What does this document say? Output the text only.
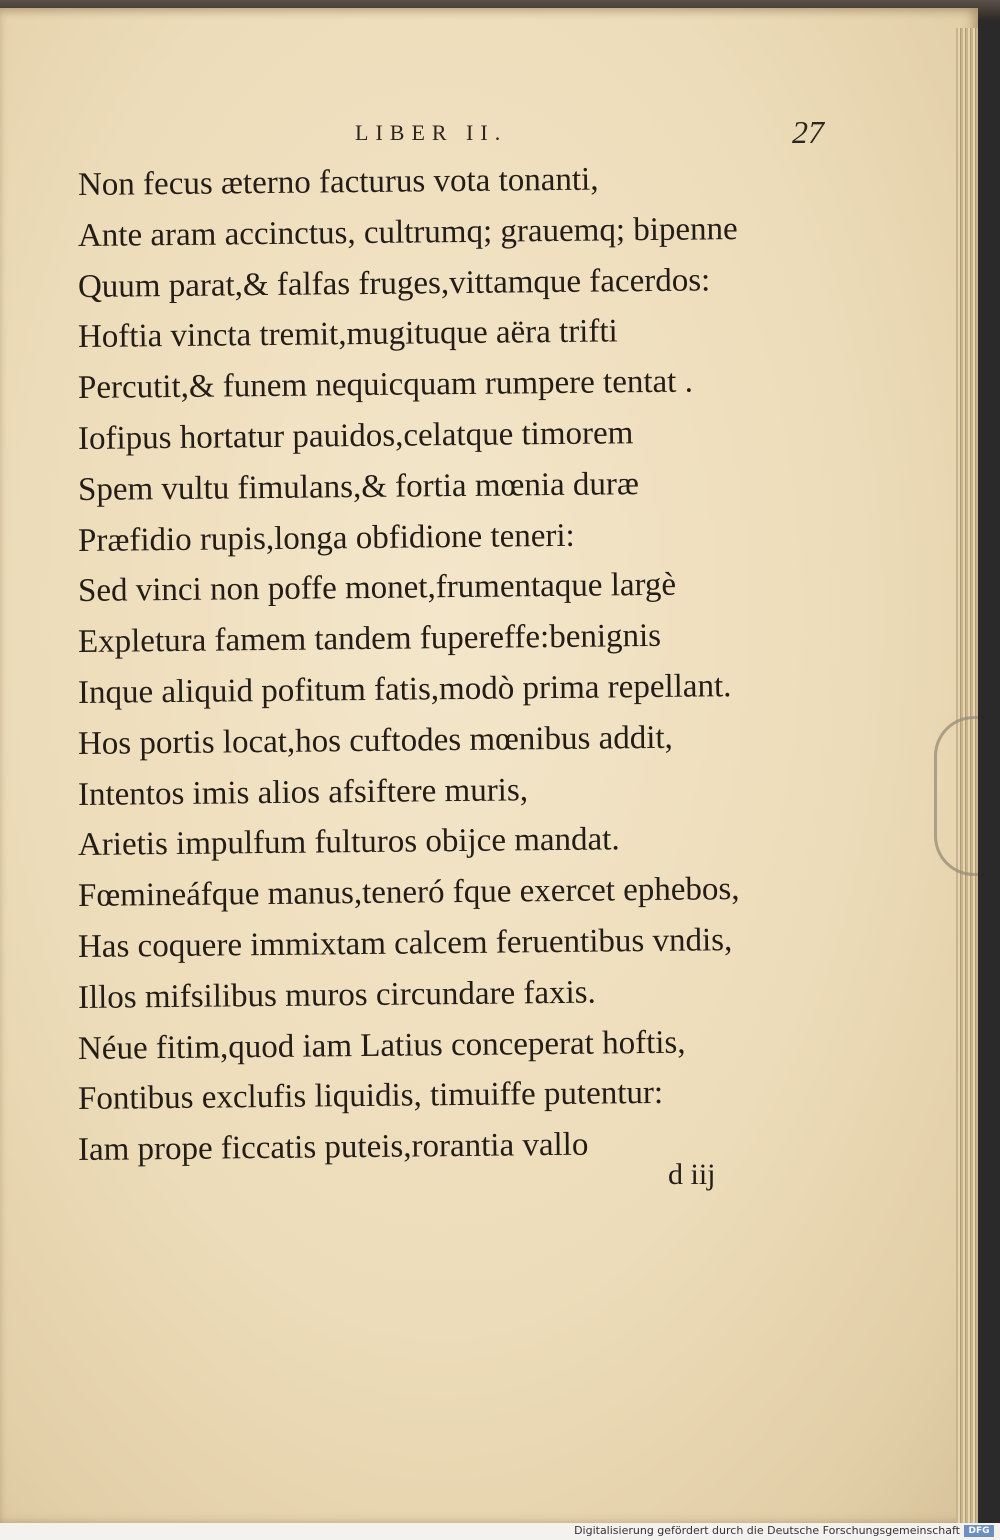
LIBER II.	27
Non fecus æterno facturus vota tonanti,
Ante aram accinctus, cultrumq; grauemq; bipenne
Quum parat,& falfas fruges,vittamque facerdos:
Hoftia vincta tremit,mugituque aëra trifti
Percutit,& funem nequicquam rumpere tentat .
Iofipus hortatur pauidos,celatque timorem
Spem vultu fimulans,& fortia mœnia duræ
Præfidio rupis,longa obfidione teneri:
Sed vinci non poffe monet,frumentaque largè
Expletura famem tandem fupereffe:benignis
Inque aliquid pofitum fatis,modò prima repellant.
Hos portis locat,hos cuftodes mœnibus addit,
Intentos imis alios afsiftere muris,
Arietis impulfum fulturos obijce mandat.
Fœmineáfque manus,teneró fque exercet ephebos,
Has coquere immixtam calcem feruentibus vndis,
Illos mifsilibus muros circundare faxis.
Néue fitim,quod iam Latius conceperat hoftis,
Fontibus exclufis liquidis, timuiffe putentur:
Iam prope ficcatis puteis,rorantia vallo
d iij
Digitalisierung gefördert durch die Deutsche Forschungsgemeinschaft DFG
